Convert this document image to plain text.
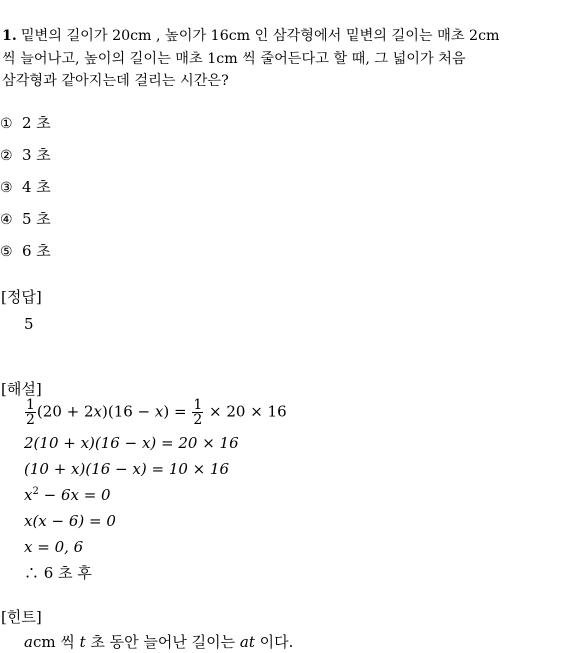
1. 밑변의 길이가 20cm , 높이가 16cm 인 삼각형에서 밑변의 길이는 매초 2cm
씩 늘어나고, 높이의 길이는 매초 1cm 씩 줄어든다고 할 때, 그 넓이가 처음
삼각형과 같아지는데 걸리는 시간은?
① 2 초
② 3 초
③ 4 초
④ 5 초
⑤ 6 초
[정답]
5
[해설]
$\frac{1}{2} (20 + 2x)(16 - x) = \frac{1}{2} \times 20 \times 16$
2(10 + x)(16 − x) = 20 × 16
(10 + x)(16 − x) = 10 × 16
$x^2 - 6x = 0$
x(x − 6) = 0
x = 0, 6
∴ 6 초 후
[힌트]
acm 씩 t 초 동안 늘어난 길이는 at 이다.
